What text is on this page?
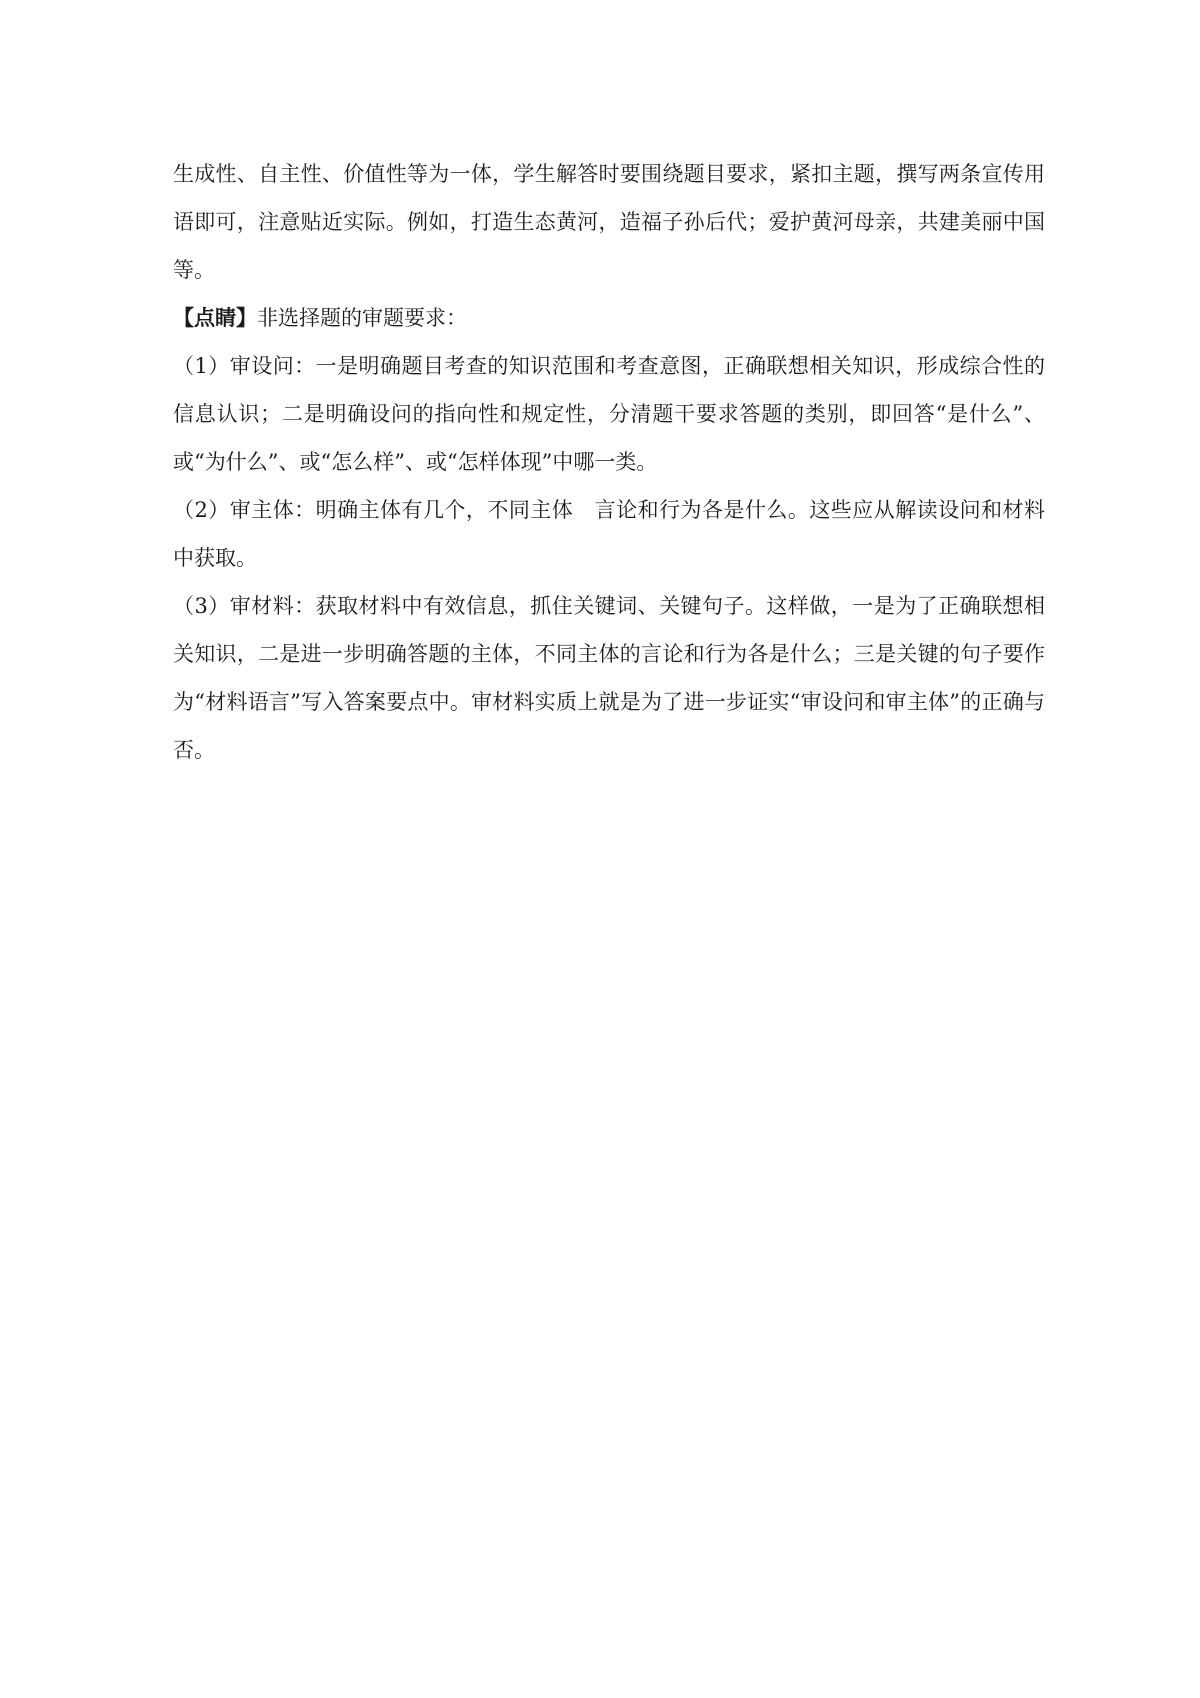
生成性、自主性、价值性等为一体，学生解答时要围绕题目要求，紧扣主题，撰写两条宣传用语即可，注意贴近实际。例如，打造生态黄河，造福子孙后代；爱护黄河母亲，共建美丽中国等。

【点睛】非选择题的审题要求：

（1）审设问：一是明确题目考查的知识范围和考查意图，正确联想相关知识，形成综合性的信息认识；二是明确设问的指向性和规定性，分清题干要求答题的类别，即回答“是什么”、或“为什么”、或“怎么样”、或“怎样体现”中哪一类。

（2）审主体：明确主体有几个，不同主体　言论和行为各是什么。这些应从解读设问和材料中获取。

（3）审材料：获取材料中有效信息，抓住关键词、关键句子。这样做，一是为了正确联想相关知识，二是进一步明确答题的主体，不同主体的言论和行为各是什么；三是关键的句子要作为“材料语言”写入答案要点中。审材料实质上就是为了进一步证实“审设问和审主体”的正确与否。
